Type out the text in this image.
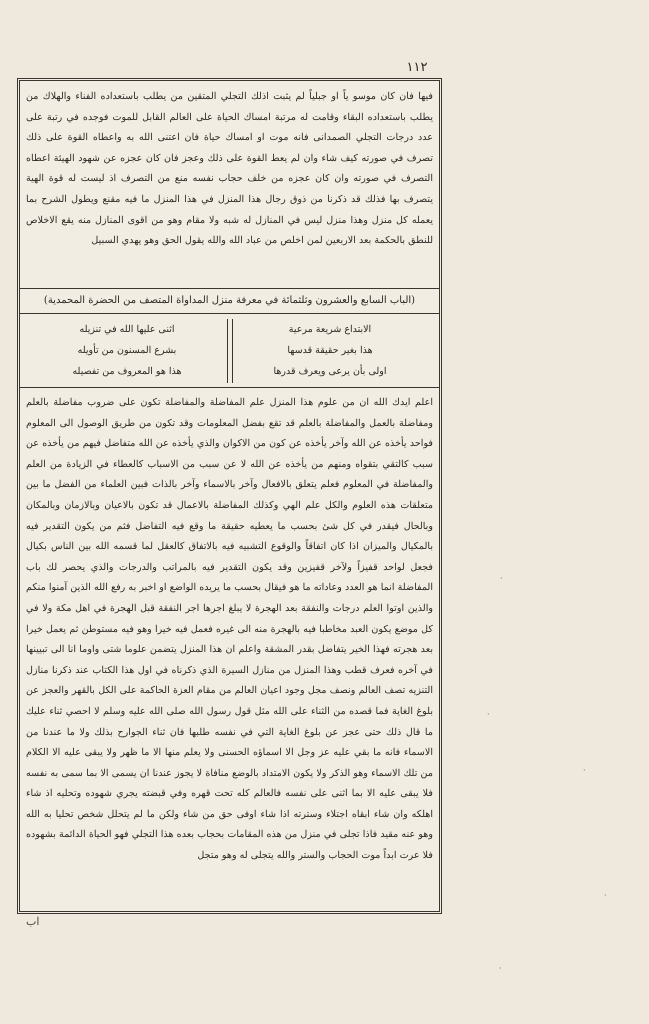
١١٢
فيها فان كان موسو ياً او جبلياً لم يثبت اذلك التجلي المتقين من يطلب باستعداده الفناء والهلاك من يطلب باستعداده البقاء وقامت له مرتبة امساك الحياة على العالم القابل للموت فوجده في رتبة على عدد درجات التجلي الصمدانى فانه موت او امساك حياة فان اعتنى الله به واعطاه القوة على ذلك تصرف في صورته كيف شاء وان لم يعط القوة على ذلك وعجز فان كان عجزه عن شهود الهيئة اعطاه التصرف في صورته وان كان عجزه من خلف حجاب نفسه منع من التصرف اذ ليست له قوة الهية يتصرف بها فذلك قد ذكرنا من ذوق رجال هذا المنزل في هذا المنزل ما فيه مقنع ويطول الشرح بما يعمله كل منزل وهذا منزل ليس في المنازل له شبه ولا مقام وهو من اقوى المنازل منه يقع الاخلاص للنطق بالحكمة بعد الاربعين لمن اخلص من عباد الله والله يقول الحق وهو يهدي السبيل
(الباب السابع والعشرون وثلثمائة في معرفة منزل المداواة المتصف من الحضرة المحمدية)
الابتداع شريعة مرعية
هذا بغير حقيقة قدسها
اولى بأن يرعى ويعرف قدرها
اثنى عليها الله في تنزيله
بشرع المسنون من تأويله
هذا هو المعروف من تفصيله
اعلم ايدك الله ان من علوم هذا المنزل علم المفاضلة والمفاضلة تكون على ضروب مفاضلة بالعلم ومفاضلة بالعمل والمفاضلة بالعلم قد تقع بفضل المعلومات وقد تكون من طريق الوصول الى المعلوم فواحد يأخذه عن الله وآخر يأخذه عن كون من الاكوان والذي يأخذه عن الله متفاضل فيهم من يأخذه عن سبب كالتقي بتقواه ومنهم من يأخذه عن الله لا عن سبب من الاسباب كالعطاء في الزيادة من العلم والمفاضلة في المعلوم فعلم يتعلق بالافعال وآخر بالاسماء وآخر بالذات فبين العلماء من الفضل ما بين متعلقات هذه العلوم والكل علم الهي وكذلك المفاضلة بالاعمال قد تكون بالاعيان وبالازمان وبالمكان وبالحال فيقدر في كل شئ بحسب ما يعطيه حقيقة ما وقع فيه التفاضل فثم من يكون التقدير فيه بالمكيال والميزان اذا كان اتفاقاً والوقوع التشبيه فيه بالاتفاق كالعقل لما قسمه الله بين الناس بكيال فجعل لواحد قفيزاً ولآخر قفيزين وقد يكون التقدير فيه بالمراتب والدرجات والذي يحصر لك باب المفاضلة انما هو العدد وعاداته ما هو فيقال بحسب ما يريده الواضع او اخبر به رفع الله الذين آمنوا منكم والذين اوتوا العلم درجات والنفقة بعد الهجرة لا يبلغ اجرها اجر النفقة قبل الهجرة في اهل مكة ولا في كل موضع يكون العبد مخاطبا فيه بالهجرة منه الى غيره فعمل فيه خيرا وهو فيه مستوطن ثم يعمل خيرا بعد هجرته فهذا الخير يتفاضل بقدر المشقة واعلم ان هذا المنزل يتضمن علوما شتى واوما انا الى تبيينها في آخره فعرف قطب وهذا المنزل من منازل السيرة الذي ذكرناه في اول هذا الكتاب عند ذكرنا منازل التنزيه تصف العالم ونصف مجل وجود اعيان العالم من مقام العزة الحاكمة على الكل بالقهر والعجز عن بلوغ الغاية فما قصده من الثناء على الله مثل قول رسول الله صلى الله عليه وسلم لا احصي ثناء عليك ما قال ذلك حتى عجز عن بلوغ الغاية التي في نفسه طلبها فان ثناء الجوارح بذلك ولا ما عندنا من الاسماء فانه ما بقي عليه عز وجل الا اسماؤه الحسنى ولا يعلم منها الا ما ظهر ولا يبقى عليه الا الكلام من تلك الاسماء وهو الذكر ولا يكون الامتداد بالوضع منافاة لا يجوز عندنا ان يسمى الا بما سمى به نفسه فلا يبقى عليه الا بما اثنى على نفسه فالعالم كله تحت قهره وفي قبضته يجري شهوده وتحليه اذ شاء اهلكه وان شاء ابقاه اجتلاء وسترته اذا شاء اوفى حق من شاء ولكن ما لم يتحلل شخص تحليا به الله وهو عنه مقيد فاذا تجلى في منزل من هذه المقامات بحجاب بعده هذا التجلي فهو الحياة الدائمة بشهوده فلا عرت ابداً موت الحجاب والستر والله يتجلى له وهو متجل
اب
·
·
·
·
·
